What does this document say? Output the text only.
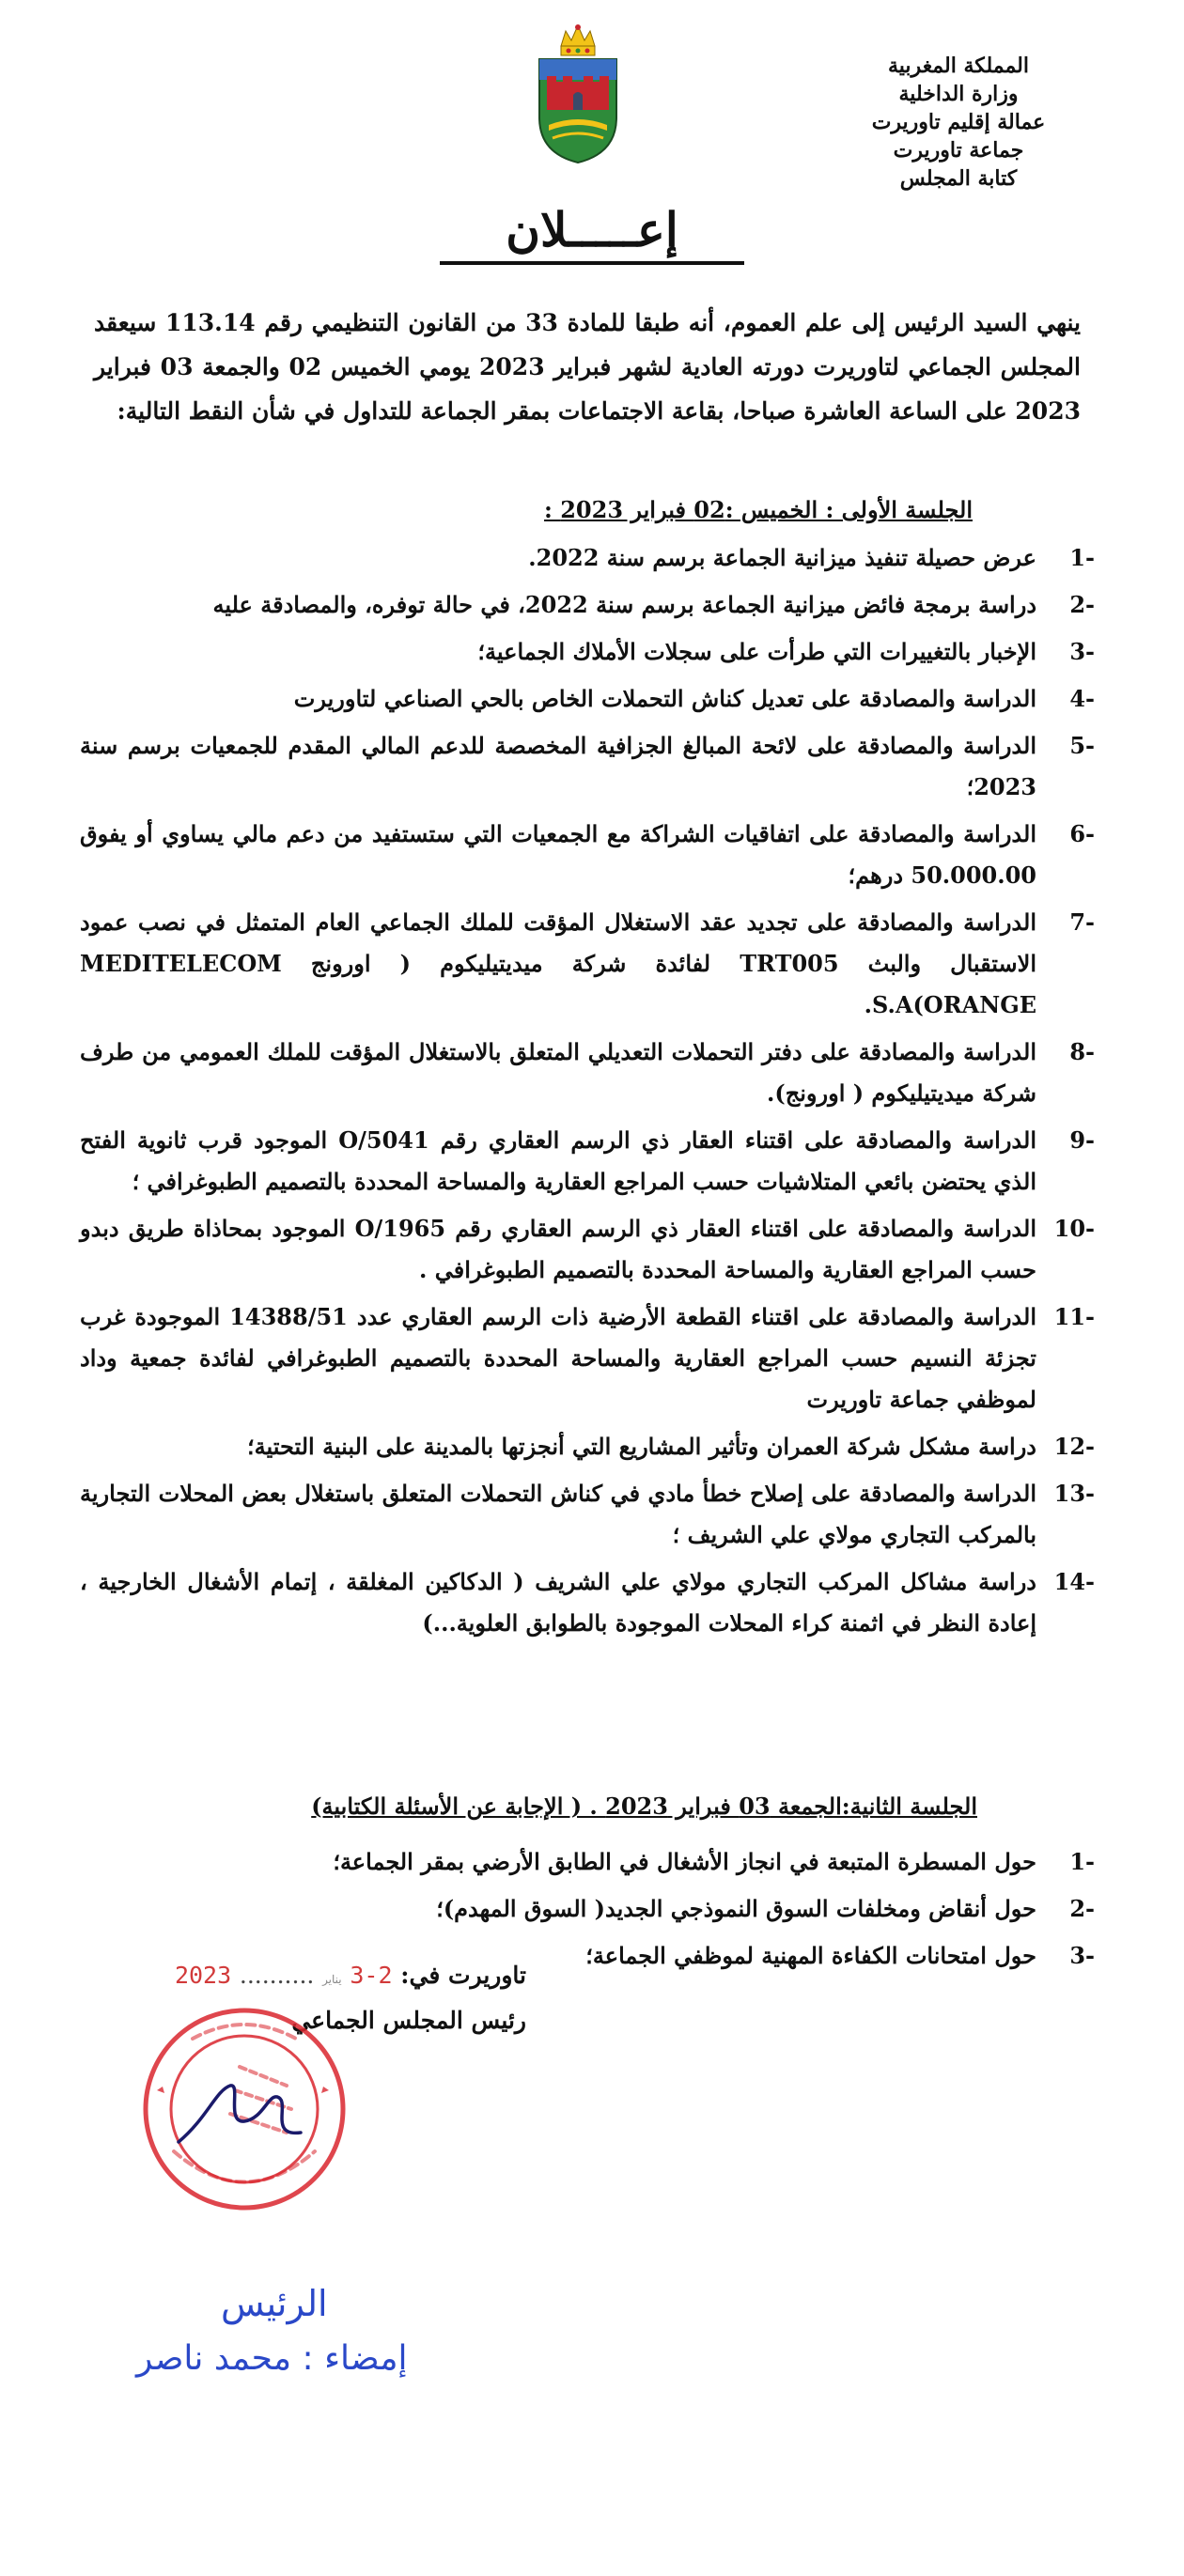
المملكة المغربية
وزارة الداخلية
عمالة إقليم تاوريرت
جماعة تاوريرت
كتابة المجلس
إعـــــلان
ينهي السيد الرئيس إلى علم العموم، أنه طبقا للمادة 33 من القانون التنظيمي رقم 113.14 سيعقد المجلس الجماعي لتاوريرت دورته العادية لشهر فبراير 2023 يومي الخميس 02 والجمعة 03 فبراير 2023 على الساعة العاشرة صباحا، بقاعة الاجتماعات بمقر الجماعة للتداول في شأن النقط التالية:
الجلسة الأولى : الخميس :02 فبراير 2023 :
-1
عرض حصيلة تنفيذ ميزانية الجماعة برسم سنة 2022.
-2
دراسة برمجة فائض ميزانية الجماعة برسم سنة 2022، في حالة توفره، والمصادقة عليه
-3
الإخبار بالتغييرات التي طرأت على سجلات الأملاك الجماعية؛
-4
الدراسة والمصادقة على تعديل كناش التحملات الخاص بالحي الصناعي لتاوريرت
-5
الدراسة والمصادقة على لائحة المبالغ الجزافية المخصصة للدعم المالي المقدم للجمعيات برسم سنة 2023؛
-6
الدراسة والمصادقة على اتفاقيات الشراكة مع الجمعيات التي ستستفيد من دعم مالي يساوي أو يفوق 50.000.00 درهم؛
-7
الدراسة والمصادقة على تجديد عقد الاستغلال المؤقت للملك الجماعي العام المتمثل في نصب عمود الاستقبال والبث TRT005 لفائدة شركة ميديتيليكوم ( اورونج MEDITELECOM S.A(ORANGE.
-8
الدراسة والمصادقة على دفتر التحملات التعديلي المتعلق بالاستغلال المؤقت للملك العمومي من طرف شركة ميديتيليكوم ( اورونج).
-9
الدراسة والمصادقة على اقتناء العقار ذي الرسم العقاري رقم 5041/O الموجود قرب ثانوية الفتح الذي يحتضن بائعي المتلاشيات حسب المراجع العقارية والمساحة المحددة بالتصميم الطبوغرافي ؛
-10
الدراسة والمصادقة على اقتناء العقار ذي الرسم العقاري رقم 1965/O الموجود بمحاذاة طريق دبدو حسب المراجع العقارية والمساحة المحددة بالتصميم الطبوغرافي .
-11
الدراسة والمصادقة على اقتناء القطعة الأرضية ذات الرسم العقاري عدد 14388/51 الموجودة غرب تجزئة النسيم حسب المراجع العقارية والمساحة المحددة بالتصميم الطبوغرافي لفائدة جمعية وداد لموظفي جماعة تاوريرت
-12
دراسة مشكل شركة العمران وتأثير المشاريع التي أنجزتها بالمدينة على البنية التحتية؛
-13
الدراسة والمصادقة على إصلاح خطأ مادي في كناش التحملات المتعلق باستغلال بعض المحلات التجارية بالمركب التجاري مولاي علي الشريف ؛
-14
دراسة مشاكل المركب التجاري مولاي علي الشريف ( الدكاكين المغلقة ، إتمام الأشغال الخارجية ، إعادة النظر في اثمنة كراء المحلات الموجودة بالطوابق العلوية...)
الجلسة الثانية:الجمعة 03 فبراير 2023 . ( الإجابة عن الأسئلة الكتابية)
-1
حول المسطرة المتبعة في انجاز الأشغال في الطابق الأرضي بمقر الجماعة؛
-2
حول أنقاض ومخلفات السوق النموذجي الجديد( السوق المهدم)؛
-3
حول امتحانات الكفاءة المهنية لموظفي الجماعة؛
تاوريرت في: 2-3 يناير .......... 2023
رئيس المجلس الجماعي
الرئيس
إمضاء : محمد ناصر
